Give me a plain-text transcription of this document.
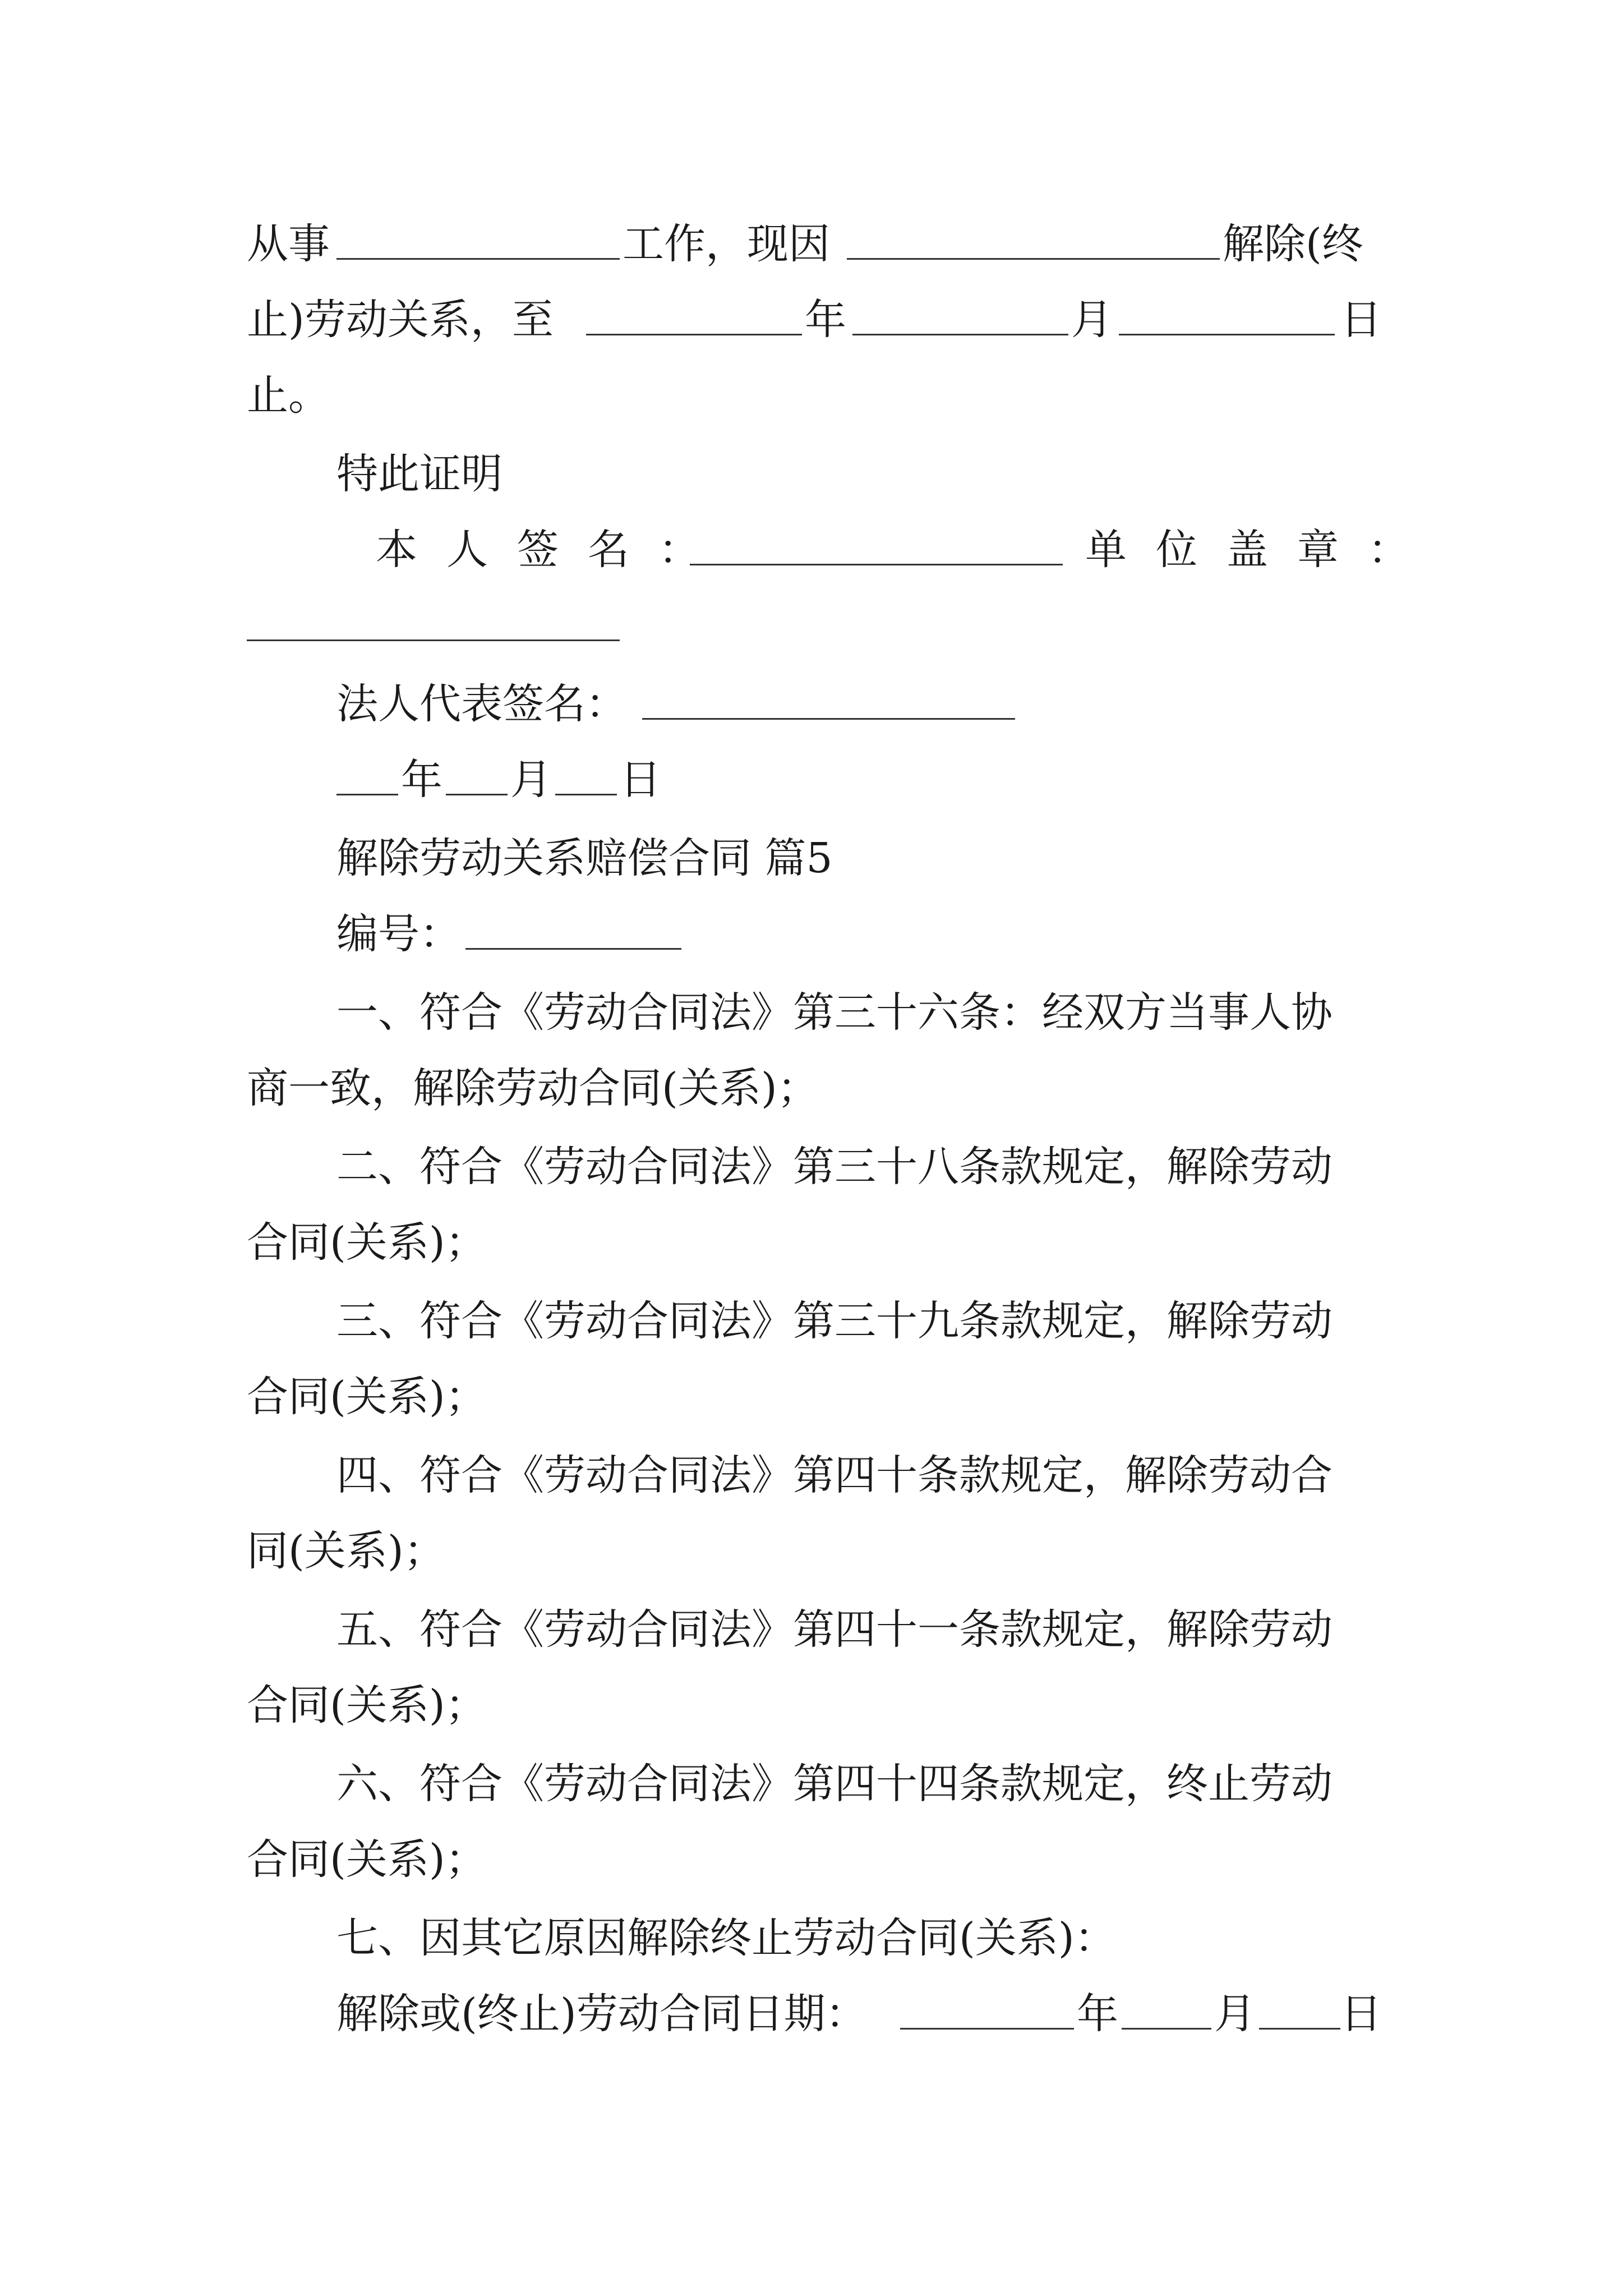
从事	工作，现因	解除(终
止)劳动关系，至	年	月	日
止。
特此证明
本人签名：	单位盖章：
法人代表签名：
年 月 日
解除劳动关系赔偿合同 篇5
编号：
一、符合《劳动合同法》第三十六条：经双方当事人协
商一致，解除劳动合同(关系)；
二、符合《劳动合同法》第三十八条款规定，解除劳动
合同(关系)；
三、符合《劳动合同法》第三十九条款规定，解除劳动
合同(关系)；
四、符合《劳动合同法》第四十条款规定，解除劳动合
同(关系)；
五、符合《劳动合同法》第四十一条款规定，解除劳动
合同(关系)；
六、符合《劳动合同法》第四十四条款规定，终止劳动
合同(关系)；
七、因其它原因解除终止劳动合同(关系)：
解除或(终止)劳动合同日期：	年 月 日
